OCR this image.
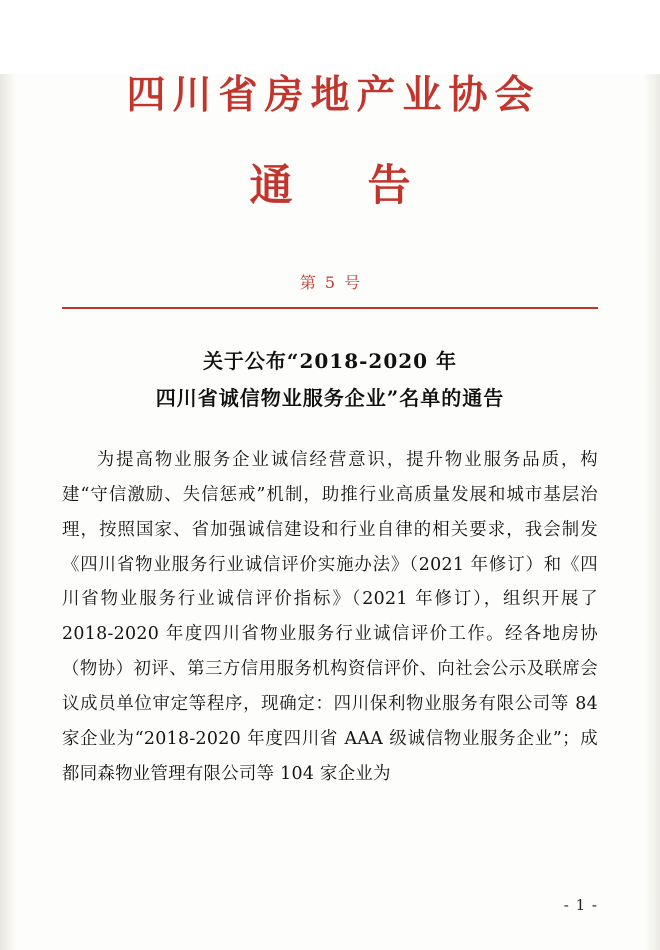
四川省房地产业协会
通 告
第 5 号
关于公布“2018-2020 年
四川省诚信物业服务企业”名单的通告

为提高物业服务企业诚信经营意识，提升物业服务品质，构建“守信激励、失信惩戒”机制，助推行业高质量发展和城市基层治理，按照国家、省加强诚信建设和行业自律的相关要求，我会制发《四川省物业服务行业诚信评价实施办法》（2021 年修订）和《四川省物业服务行业诚信评价指标》（2021 年修订），组织开展了 2018-2020 年度四川省物业服务行业诚信评价工作。经各地房协（物协）初评、第三方信用服务机构资信评价、向社会公示及联席会议成员单位审定等程序，现确定：四川保利物业服务有限公司等 84 家企业为“2018-2020 年度四川省 AAA 级诚信物业服务企业”；成都同森物业管理有限公司等 104 家企业为

- 1 -
